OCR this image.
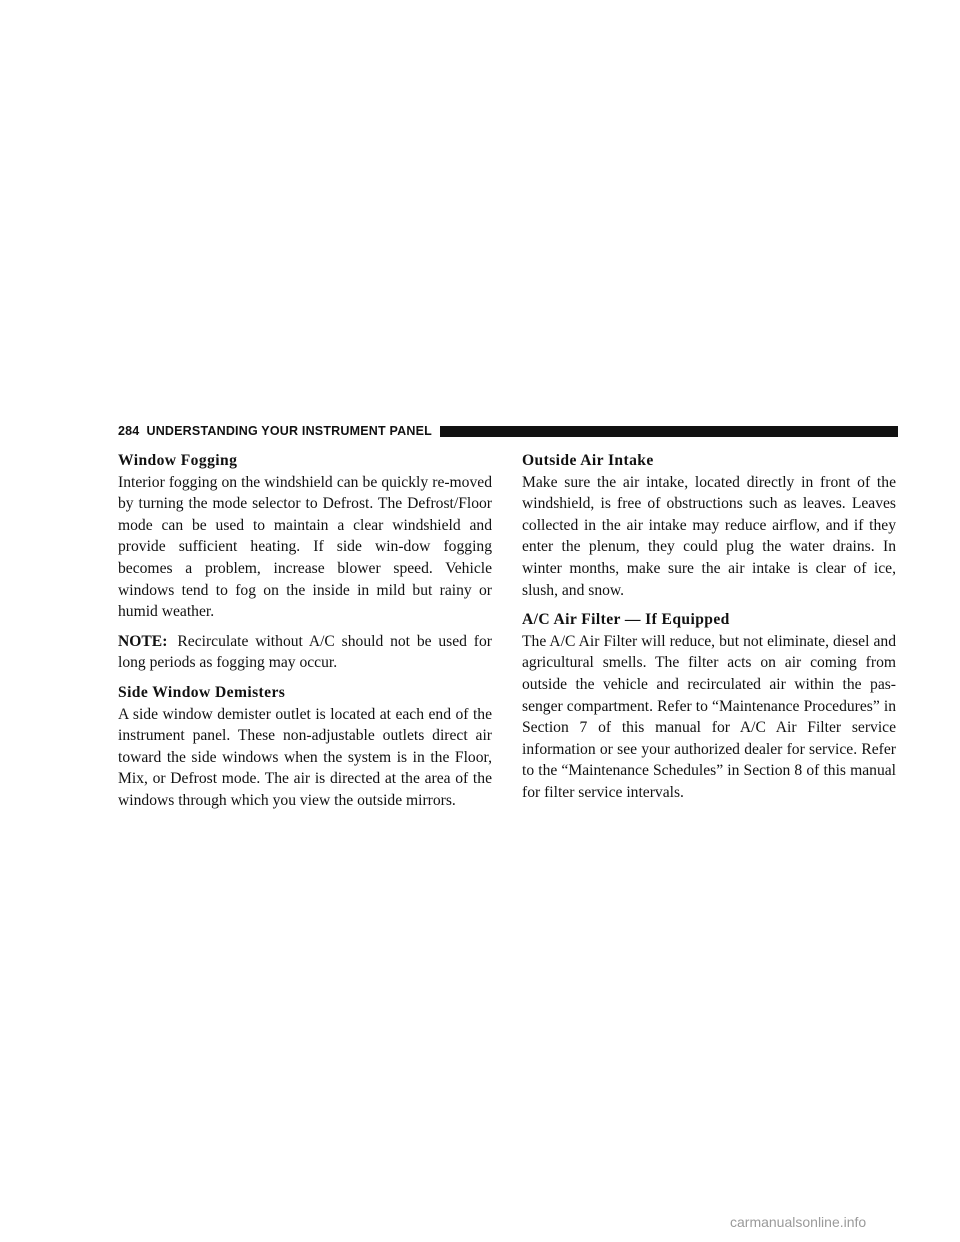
284 UNDERSTANDING YOUR INSTRUMENT PANEL
Window Fogging

Interior fogging on the windshield can be quickly re-moved by turning the mode selector to Defrost. The Defrost/Floor mode can be used to maintain a clear windshield and provide sufficient heating. If side win-dow fogging becomes a problem, increase blower speed. Vehicle windows tend to fog on the inside in mild but rainy or humid weather.

NOTE: Recirculate without A/C should not be used for long periods as fogging may occur.

Side Window Demisters

A side window demister outlet is located at each end of the instrument panel. These non-adjustable outlets direct air toward the side windows when the system is in the Floor, Mix, or Defrost mode. The air is directed at the area of the windows through which you view the outside mirrors.

Outside Air Intake

Make sure the air intake, located directly in front of the windshield, is free of obstructions such as leaves. Leaves collected in the air intake may reduce airflow, and if they enter the plenum, they could plug the water drains. In winter months, make sure the air intake is clear of ice, slush, and snow.

A/C Air Filter — If Equipped

The A/C Air Filter will reduce, but not eliminate, diesel and agricultural smells. The filter acts on air coming from outside the vehicle and recirculated air within the pas-senger compartment. Refer to “Maintenance Procedures” in Section 7 of this manual for A/C Air Filter service information or see your authorized dealer for service. Refer to the “Maintenance Schedules” in Section 8 of this manual for filter service intervals.

carmanualsonline.info
